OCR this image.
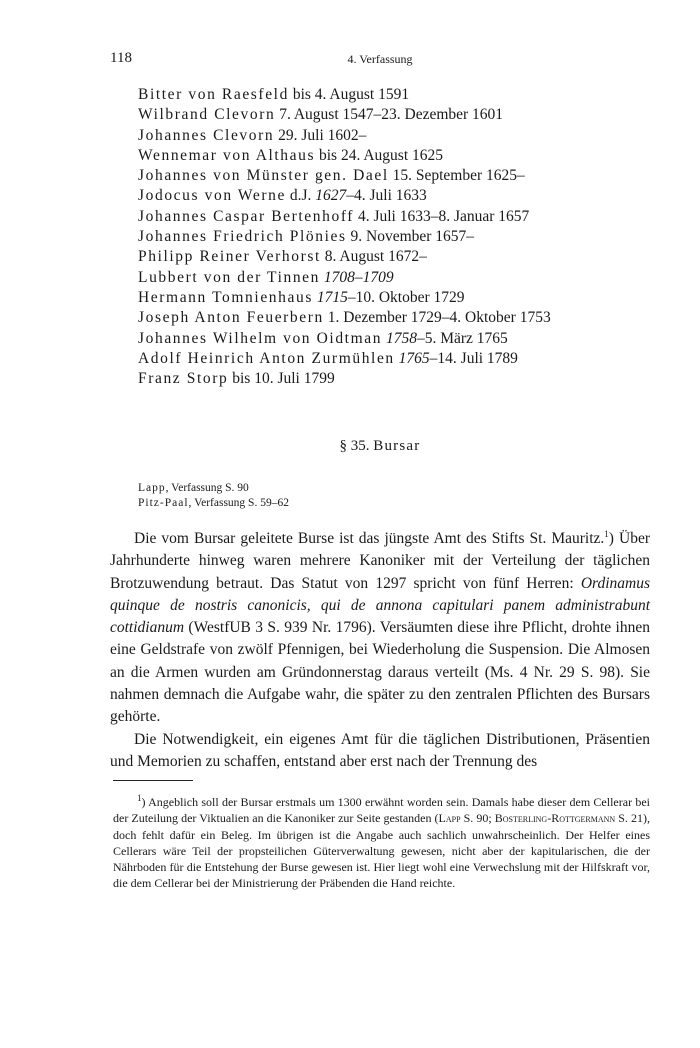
118	4. Verfassung
Bitter von Raesfeld bis 4. August 1591
Wilbrand Clevorn 7. August 1547–23. Dezember 1601
Johannes Clevorn 29. Juli 1602–
Wennemar von Althaus bis 24. August 1625
Johannes von Münster gen. Dael 15. September 1625–
Jodocus von Werne d.J. 1627–4. Juli 1633
Johannes Caspar Bertenhoff 4. Juli 1633–8. Januar 1657
Johannes Friedrich Plönies 9. November 1657–
Philipp Reiner Verhorst 8. August 1672–
Lubbert von der Tinnen 1708–1709
Hermann Tomnienhaus 1715–10. Oktober 1729
Joseph Anton Feuerbern 1. Dezember 1729–4. Oktober 1753
Johannes Wilhelm von Oidtman 1758–5. März 1765
Adolf Heinrich Anton Zurmühlen 1765–14. Juli 1789
Franz Storp bis 10. Juli 1799
§ 35. Bursar
Lapp, Verfassung S. 90
Pitz-Paal, Verfassung S. 59–62

Die vom Bursar geleitete Burse ist das jüngste Amt des Stifts St. Mauritz.$^1$) Über Jahrhunderte hinweg waren mehrere Kanoniker mit der Verteilung der täglichen Brotzuwendung betraut. Das Statut von 1297 spricht von fünf Herren: Ordinamus quinque de nostris canonicis, qui de annona capitulari panem administrabunt cottidianum (WestfUB 3 S. 939 Nr. 1796). Versäumten diese ihre Pflicht, drohte ihnen eine Geldstrafe von zwölf Pfennigen, bei Wiederholung die Suspension. Die Almosen an die Armen wurden am Gründonnerstag daraus verteilt (Ms. 4 Nr. 29 S. 98). Sie nahmen demnach die Aufgabe wahr, die später zu den zentralen Pflichten des Bursars gehörte.

Die Notwendigkeit, ein eigenes Amt für die täglichen Distributionen, Präsentien und Memorien zu schaffen, entstand aber erst nach der Trennung des

$^1$) Angeblich soll der Bursar erstmals um 1300 erwähnt worden sein. Damals habe dieser dem Cellerar bei der Zuteilung der Viktualien an die Kanoniker zur Seite gestanden (Lapp S. 90; Bosterling-Rottgermann S. 21), doch fehlt dafür ein Beleg. Im übrigen ist die Angabe auch sachlich unwahrscheinlich. Der Helfer eines Cellerars wäre Teil der propsteilichen Güterverwaltung gewesen, nicht aber der kapitularischen, die der Nährboden für die Entstehung der Burse gewesen ist. Hier liegt wohl eine Verwechslung mit der Hilfskraft vor, die dem Cellerar bei der Ministrierung der Präbenden die Hand reichte.
